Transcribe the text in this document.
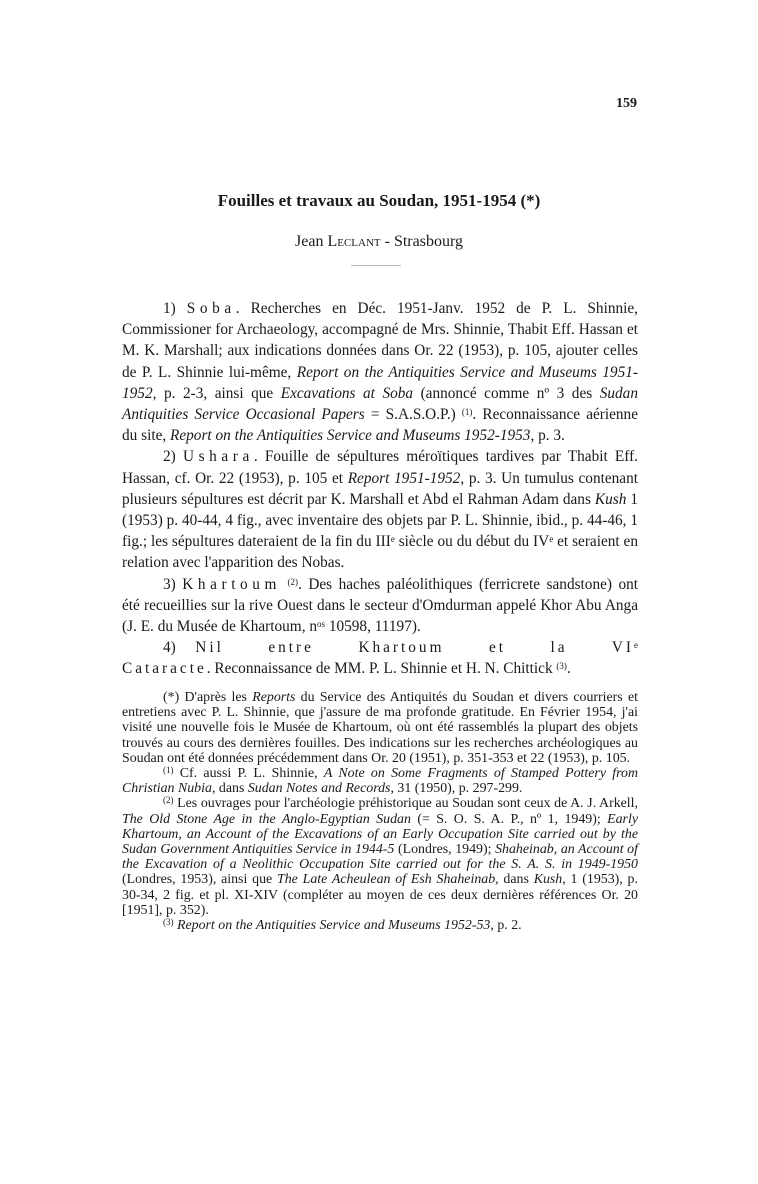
159
Fouilles et travaux au Soudan, 1951-1954 (*)
Jean Leclant - Strasbourg

1) Soba. Recherches en Déc. 1951-Janv. 1952 de P. L. Shinnie, Commissioner for Archaeology, accompagné de Mrs. Shinnie, Thabit Eff. Hassan et M. K. Marshall; aux indications données dans Or. 22 (1953), p. 105, ajouter celles de P. L. Shinnie lui-même, Report on the Antiquities Service and Museums 1951-1952, p. 2-3, ainsi que Excavations at Soba (annoncé comme nº 3 des Sudan Antiquities Service Occasional Papers = S.A.S.O.P.) $^{(1)}$. Reconnaissance aérienne du site, Report on the Antiquities Service and Museums 1952-1953, p. 3.

2) Ushara. Fouille de sépultures méroïtiques tardives par Thabit Eff. Hassan, cf. Or. 22 (1953), p. 105 et Report 1951-1952, p. 3. Un tumulus contenant plusieurs sépultures est décrit par K. Marshall et Abd el Rahman Adam dans Kush 1 (1953) p. 40-44, 4 fig., avec inventaire des objets par P. L. Shinnie, ibid., p. 44-46, 1 fig.; les sépultures dateraient de la fin du IIIe siècle ou du début du IVe et seraient en relation avec l'apparition des Nobas.

3) Khartoum $^{(2)}$. Des haches paléolithiques (ferricrete sandstone) ont été recueillies sur la rive Ouest dans le secteur d'Omdurman appelé Khor Abu Anga (J. E. du Musée de Khartoum, $n^{os}$ 10598, 11197).

4) Nil entre Khartoum et la VIe Cataracte. Reconnaissance de MM. P. L. Shinnie et H. N. Chittick $^{(3)}$.

(*) D'après les Reports du Service des Antiquités du Soudan et divers courriers et entretiens avec P. L. Shinnie, que j'assure de ma profonde gratitude. En Février 1954, j'ai visité une nouvelle fois le Musée de Khartoum, où ont été rassemblés la plupart des objets trouvés au cours des dernières fouilles. Des indications sur les recherches archéologiques au Soudan ont été données précédemment dans Or. 20 (1951), p. 351-353 et 22 (1953), p. 105.

$^{(1)}$ Cf. aussi P. L. Shinnie, A Note on Some Fragments of Stamped Pottery from Christian Nubia, dans Sudan Notes and Records, 31 (1950), p. 297-299.

$^{(2)}$ Les ouvrages pour l'archéologie préhistorique au Soudan sont ceux de A. J. Arkell, The Old Stone Age in the Anglo-Egyptian Sudan (= S. O. S. A. P., nº 1, 1949); Early Khartoum, an Account of the Excavations of an Early Occupation Site carried out by the Sudan Government Antiquities Service in 1944-5 (Londres, 1949); Shaheinab, an Account of the Excavation of a Neolithic Occupation Site carried out for the S. A. S. in 1949-1950 (Londres, 1953), ainsi que The Late Acheulean of Esh Shaheinab, dans Kush, 1 (1953), p. 30-34, 2 fig. et pl. XI-XIV (compléter au moyen de ces deux dernières références Or. 20 [1951], p. 352).

$^{(3)}$ Report on the Antiquities Service and Museums 1952-53, p. 2.
